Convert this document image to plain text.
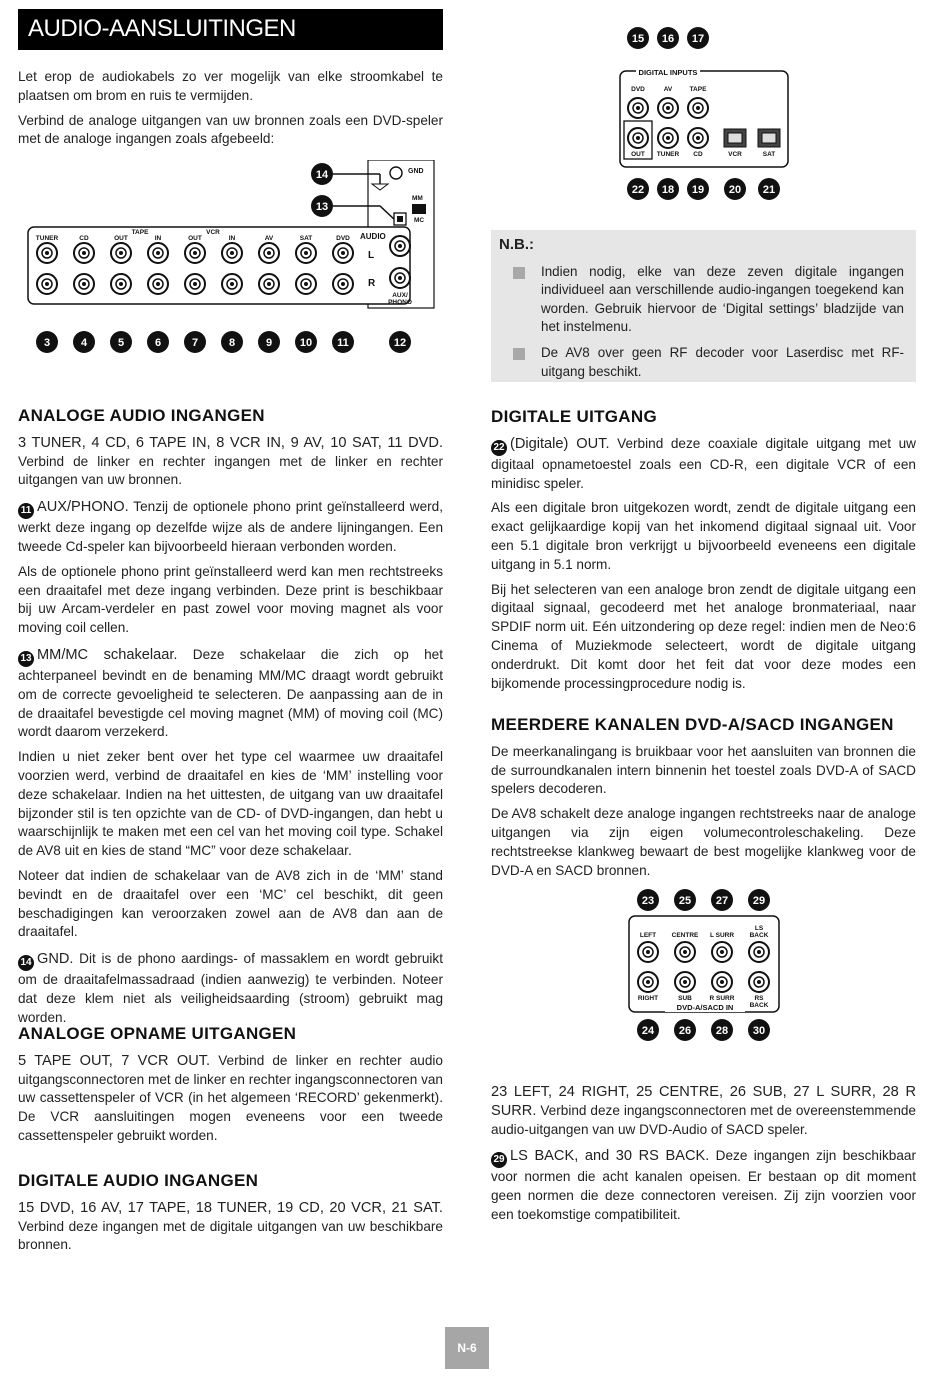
AUDIO-AANSLUITINGEN

Let erop de audiokabels zo ver mogelijk van elke stroomkabel te plaatsen om brom en ruis te vermijden.

Verbind de analoge uitgangen van uw bronnen zoals een DVD-speler met de analoge ingangen zoals afgebeeld:

14	GND
13
MM
MC
TUNER	CD	OUT	IN	OUT	IN	AV	SAT	DVD
TAPE	VCR	AUDIO
L
R
AUX/
PHONO
3	4	5	6	7	8	9	10 11	12
15 16 17
DIGITAL INPUTS
DVD	AV	TAPE
OUT TUNER CD	VCR	SAT
22 18 19 20 21
N.B.:
Indien nodig, elke van deze zeven digitale ingangen individueel aan verschillende audio-ingangen toegekend kan worden. Gebruik hiervoor de ‘Digital settings’ bladzijde van het instelmenu.
De AV8 over geen RF decoder voor Laserdisc met RF-uitgang beschikt.
ANALOGE AUDIO INGANGEN

3 TUNER, 4 CD, 6 TAPE IN, 8 VCR IN, 9 AV, 10 SAT, 11 DVD. Verbind de linker en rechter ingangen met de linker en rechter uitgangen van uw bronnen.

11 AUX/PHONO. Tenzij de optionele phono print geïnstalleerd werd, werkt deze ingang op dezelfde wijze als de andere lijningangen. Een tweede Cd-speler kan bijvoorbeeld hieraan verbonden worden.

Als de optionele phono print geïnstalleerd werd kan men rechtstreeks een draaitafel met deze ingang verbinden. Deze print is beschikbaar bij uw Arcam-verdeler en past zowel voor moving magnet als voor moving coil cellen.

13 MM/MC schakelaar. Deze schakelaar die zich op het achterpaneel bevindt en de benaming MM/MC draagt wordt gebruikt om de correcte gevoeligheid te selecteren. De aanpassing aan de in de draaitafel bevestigde cel moving magnet (MM) of moving coil (MC) wordt daarom verzekerd.

Indien u niet zeker bent over het type cel waarmee uw draaitafel voorzien werd, verbind de draaitafel en kies de ‘MM’ instelling voor deze schakelaar. Indien na het uittesten, de uitgang van uw draaitafel bijzonder stil is ten opzichte van de CD- of DVD-ingangen, dan hebt u waarschijnlijk te maken met een cel van het moving coil type. Schakel de AV8 uit en kies de stand “MC” voor deze schakelaar.

Noteer dat indien de schakelaar van de AV8 zich in de ‘MM’ stand bevindt en de draaitafel over een ‘MC’ cel beschikt, dit geen beschadigingen kan veroorzaken zowel aan de AV8 dan aan de draaitafel.

14 GND. Dit is de phono aardings- of massaklem en wordt gebruikt om de draaitafelmassadraad (indien aanwezig) te verbinden. Noteer dat deze klem niet als veiligheidsaarding (stroom) gebruikt mag worden.

ANALOGE OPNAME UITGANGEN

5 TAPE OUT, 7 VCR OUT. Verbind de linker en rechter audio uitgangsconnectoren met de linker en rechter ingangsconnectoren van uw cassettenspeler of VCR (in het algemeen ‘RECORD’ gekenmerkt). De VCR aansluitingen mogen eveneens voor een tweede cassettenspeler gebruikt worden.

DIGITALE AUDIO INGANGEN

15 DVD, 16 AV, 17 TAPE, 18 TUNER, 19 CD, 20 VCR, 21 SAT. Verbind deze ingangen met de digitale uitgangen van uw beschikbare bronnen.

DIGITALE UITGANG

22 (Digitale) OUT. Verbind deze coaxiale digitale uitgang met uw digitaal opnametoestel zoals een CD-R, een digitale VCR of een minidisc speler.

Als een digitale bron uitgekozen wordt, zendt de digitale uitgang een exact gelijkaardige kopij van het inkomend digitaal signaal uit. Voor een 5.1 digitale bron verkrijgt u bijvoorbeeld eveneens een digitale uitgang in 5.1 norm.

Bij het selecteren van een analoge bron zendt de digitale uitgang een digitaal signaal, gecodeerd met het analoge bronmateriaal, naar SPDIF norm uit. Eén uitzondering op deze regel: indien men de Neo:6 Cinema of Muziekmode selecteert, wordt de digitale uitgang onderdrukt. Dit komt door het feit dat voor deze modes een bijkomende processingprocedure nodig is.

MEERDERE KANALEN DVD-A/SACD INGANGEN

De meerkanalingang is bruikbaar voor het aansluiten van bronnen die de surroundkanalen intern binnenin het toestel zoals DVD-A of SACD spelers decoderen.

De AV8 schakelt deze analoge ingangen rechtstreeks naar de analoge uitgangen via zijn eigen volumecontroleschakeling. Deze rechtstreekse klankweg bewaart de best mogelijke klankweg voor de DVD-A en SACD bronnen.

23 25 27 29
LEFT CENTRE L SURR
LS
BACK
RIGHT	SUB	R SURR	RS
BACK
DVD-A/SACD IN
24 26 28 30

23 LEFT, 24 RIGHT, 25 CENTRE, 26 SUB, 27 L SURR, 28 R SURR. Verbind deze ingangsconnectoren met de overeenstemmende audio-uitgangen van uw DVD-Audio of SACD speler.

29 LS BACK, and 30 RS BACK. Deze ingangen zijn beschikbaar voor normen die acht kanalen opeisen. Er bestaan op dit moment geen normen die deze connectoren vereisen. Zij zijn voorzien voor een toekomstige compatibiliteit.

N-6
